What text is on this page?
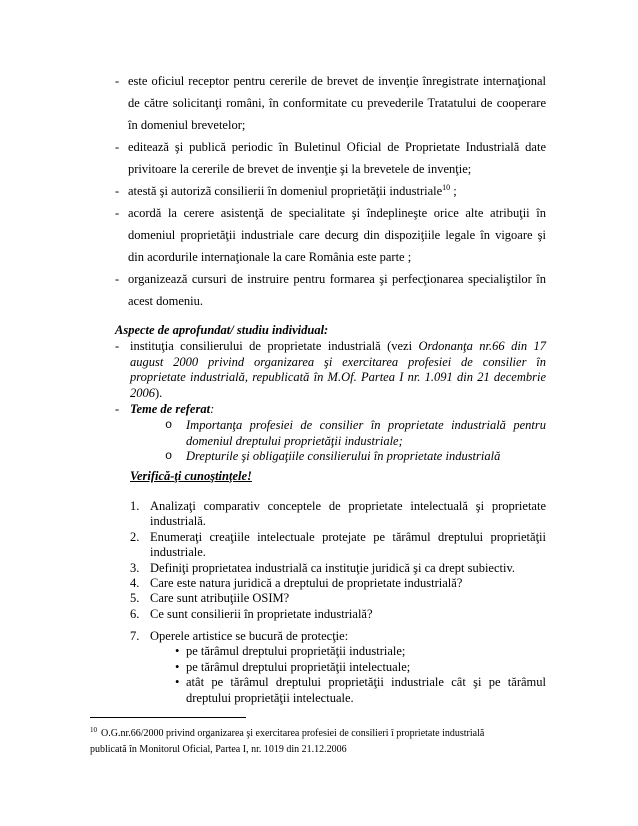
- este oficiul receptor pentru cererile de brevet de invenţie înregistrate internaţional
de către solicitanţi români, în conformitate cu prevederile Tratatului de cooperare
în domeniul brevetelor;
- editează şi publică periodic în Buletinul Oficial de Proprietate Industrială date
privitoare la cererile de brevet de invenţie şi la brevetele de invenţie;
- atestă şi autorizã consilierii în domeniul proprietăţii industriale$^{10}$ ;
- acordă la cerere asistenţă de specialitate şi îndeplineşte orice alte atribuţii în
domeniul proprietăţii industriale care decurg din dispoziţiile legale în vigoare şi
din acordurile internaţionale la care România este parte ;
- organizează cursuri de instruire pentru formarea şi perfecţionarea specialiştilor în
acest domeniu.
Aspecte de aprofundat/ studiu individual:
- instituţia consilierului de proprietate industrială (vezi Ordonanţa nr.66 din 17
august 2000 privind organizarea şi exercitarea profesiei de consilier în
proprietate industrială, republicată în M.Of. Partea I nr. 1.091 din 21 decembrie
2006).
- Teme de referat:
o Importanţa profesiei de consilier în proprietate industrială pentru
domeniul dreptului proprietăţii industriale;
o Drepturile şi obligaţiile consilierului în proprietate industrială
Verifică-ţi cunoştinţele!
1. Analizaţi comparativ conceptele de proprietate intelectuală şi proprietate
industrială.
2. Enumeraţi creaţiile intelectuale protejate pe tărâmul dreptului proprietăţii
industriale.
3. Definiţi proprietatea industrială ca instituţie juridică şi ca drept subiectiv.
4. Care este natura juridică a dreptului de proprietate industrială?
5. Care sunt atribuţiile OSIM?
6. Ce sunt consilierii în proprietate industrială?
7. Operele artistice se bucură de protecţie:
• pe tărâmul dreptului proprietăţii industriale;
• pe tărâmul dreptului proprietăţii intelectuale;
• atât pe tărâmul dreptului proprietăţii industriale cât şi pe tărâmul
dreptului proprietăţii intelectuale.
$^{10}$ O.G.nr.66/2000 privind organizarea şi exercitarea profesiei de consilieri î proprietate industrială
publicată în Monitorul Oficial, Partea I, nr. 1019 din 21.12.2006
